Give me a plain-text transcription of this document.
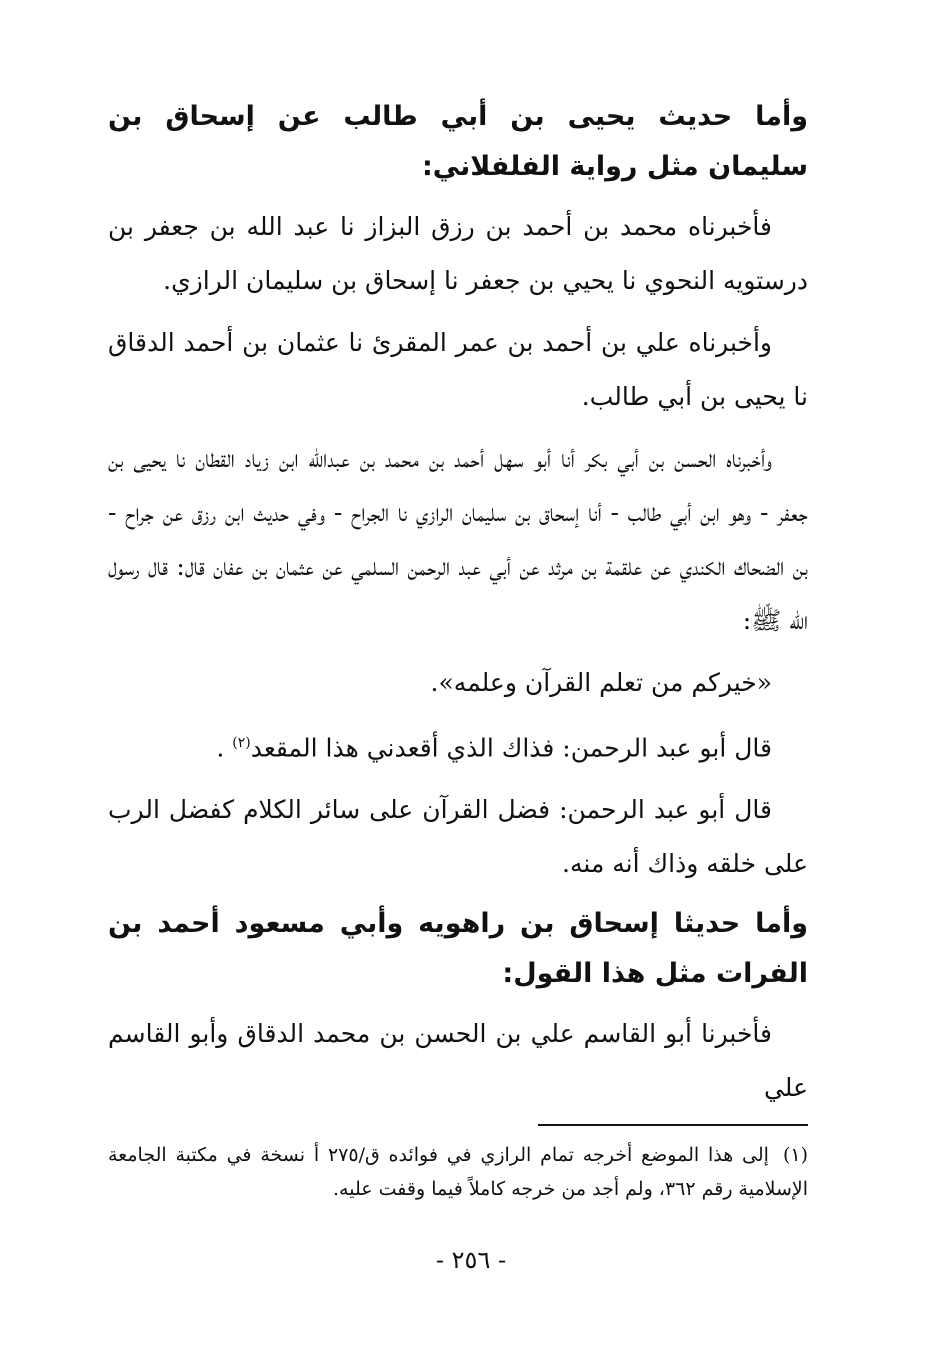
وأما حديث يحيى بن أبي طالب عن إسحاق بن سليمان مثل رواية الفلفلاني:

فأخبرناه محمد بن أحمد بن رزق البزاز نا عبد الله بن جعفر بن درستويه النحوي نا يحيي بن جعفر نا إسحاق بن سليمان الرازي.

وأخبرناه علي بن أحمد بن عمر المقرئ نا عثمان بن أحمد الدقاق نا يحيى بن أبي طالب.

وأخبرناه الحسن بن أبي بكر أنا أبو سهل أحمد بن محمد بن عبدالله ابن زياد القطان نا يحيى بن جعفر - وهو ابن أبي طالب - أنا إسحاق بن سليمان الرازي نا الجراح - وفي حديث ابن رزق عن جراح - بن الضحاك الكندي عن علقمة بن مرثد عن أبي عبد الرحمن السلمي عن عثمان بن عفان قال: قال رسول الله ﷺ:

«خيركم من تعلم القرآن وعلمه».

قال أبو عبد الرحمن: فذاك الذي أقعدني هذا المقعد$^{(٢)}$ .

قال أبو عبد الرحمن: فضل القرآن على سائر الكلام كفضل الرب على خلقه وذاك أنه منه.

وأما حديثا إسحاق بن راهويه وأبي مسعود أحمد بن الفرات مثل هذا القول:

فأخبرنا أبو القاسم علي بن الحسن بن محمد الدقاق وأبو القاسم علي

(١)إلى هذا الموضع أخرجه تمام الرازي في فوائده ق/٢٧٥ أ نسخة في مكتبة الجامعة الإسلامية رقم ٣٦٢، ولم أجد من خرجه كاملاً فيما وقفت عليه.
- ٢٥٦ -
